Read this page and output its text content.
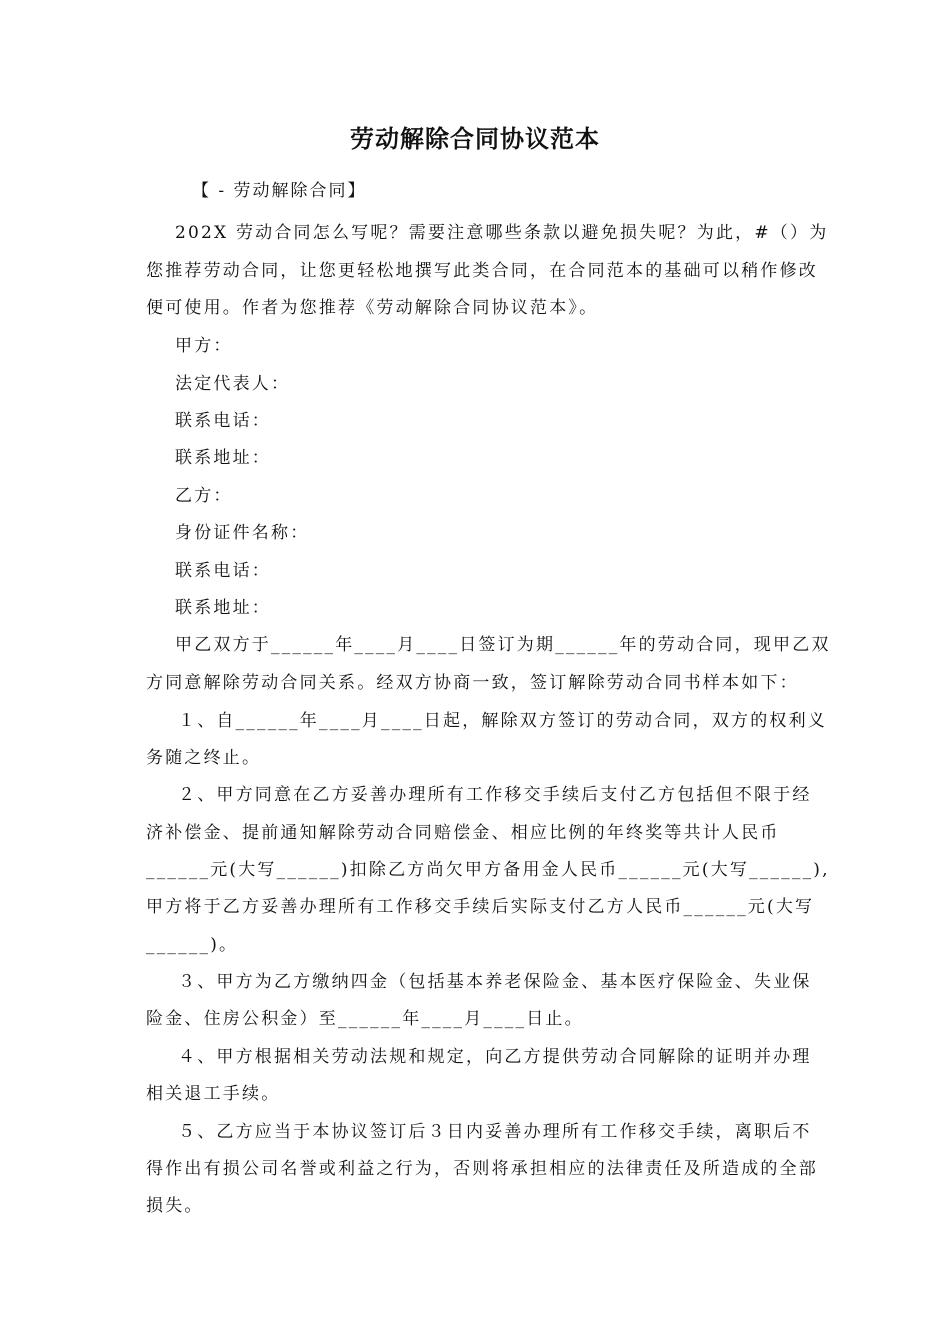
劳动解除合同协议范本
【 - 劳动解除合同】
202X 劳动合同怎么写呢？需要注意哪些条款以避免损失呢？为此，#（）为
您推荐劳动合同，让您更轻松地撰写此类合同，在合同范本的基础可以稍作修改
便可使用。作者为您推荐《劳动解除合同协议范本》。
甲方：
法定代表人：
联系电话：
联系地址：
乙方：
身份证件名称：
联系电话：
联系地址：
甲乙双方于______年____月____日签订为期______年的劳动合同，现甲乙双
方同意解除劳动合同关系。经双方协商一致，签订解除劳动合同书样本如下：
１、自______年____月____日起，解除双方签订的劳动合同，双方的权利义
务随之终止。
２、甲方同意在乙方妥善办理所有工作移交手续后支付乙方包括但不限于经
济补偿金、提前通知解除劳动合同赔偿金、相应比例的年终奖等共计人民币
______元(大写______)扣除乙方尚欠甲方备用金人民币______元(大写______),
甲方将于乙方妥善办理所有工作移交手续后实际支付乙方人民币______元(大写
______)。
３、甲方为乙方缴纳四金（包括基本养老保险金、基本医疗保险金、失业保
险金、住房公积金）至______年____月____日止。
４、甲方根据相关劳动法规和规定，向乙方提供劳动合同解除的证明并办理
相关退工手续。
５、乙方应当于本协议签订后３日内妥善办理所有工作移交手续，离职后不
得作出有损公司名誉或利益之行为，否则将承担相应的法律责任及所造成的全部
损失。
